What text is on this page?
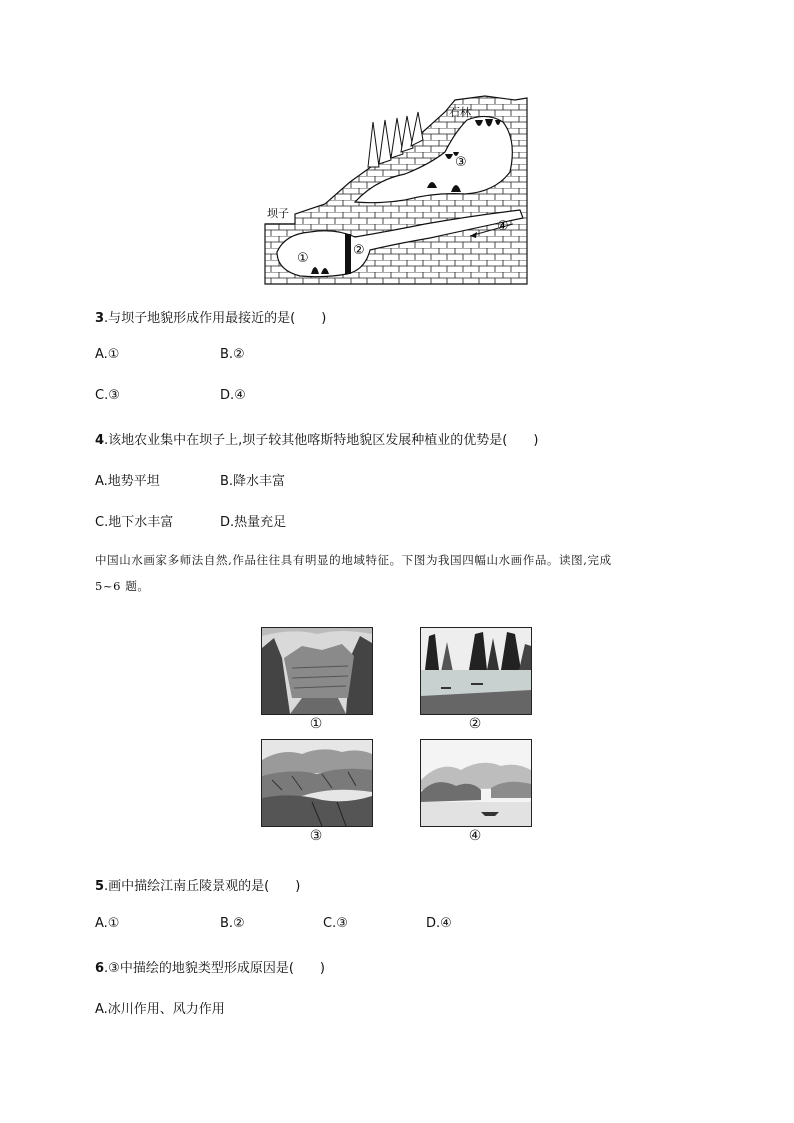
石林
坝子
①
②
③
④
3.与坝子地貌形成作用最接近的是(　　)
A.①	B.②
C.③	D.④
4.该地农业集中在坝子上,坝子较其他喀斯特地貌区发展种植业的优势是(　　)
A.地势平坦	B.降水丰富
C.地下水丰富	D.热量充足
中国山水画家多师法自然,作品往往具有明显的地域特征。下图为我国四幅山水画作品。读图,完成
5~6 题。
①	②
③	④
5.画中描绘江南丘陵景观的是(　　)
A.①	B.②	C.③	D.④
6.③中描绘的地貌类型形成原因是(　　)
A.冰川作用、风力作用
